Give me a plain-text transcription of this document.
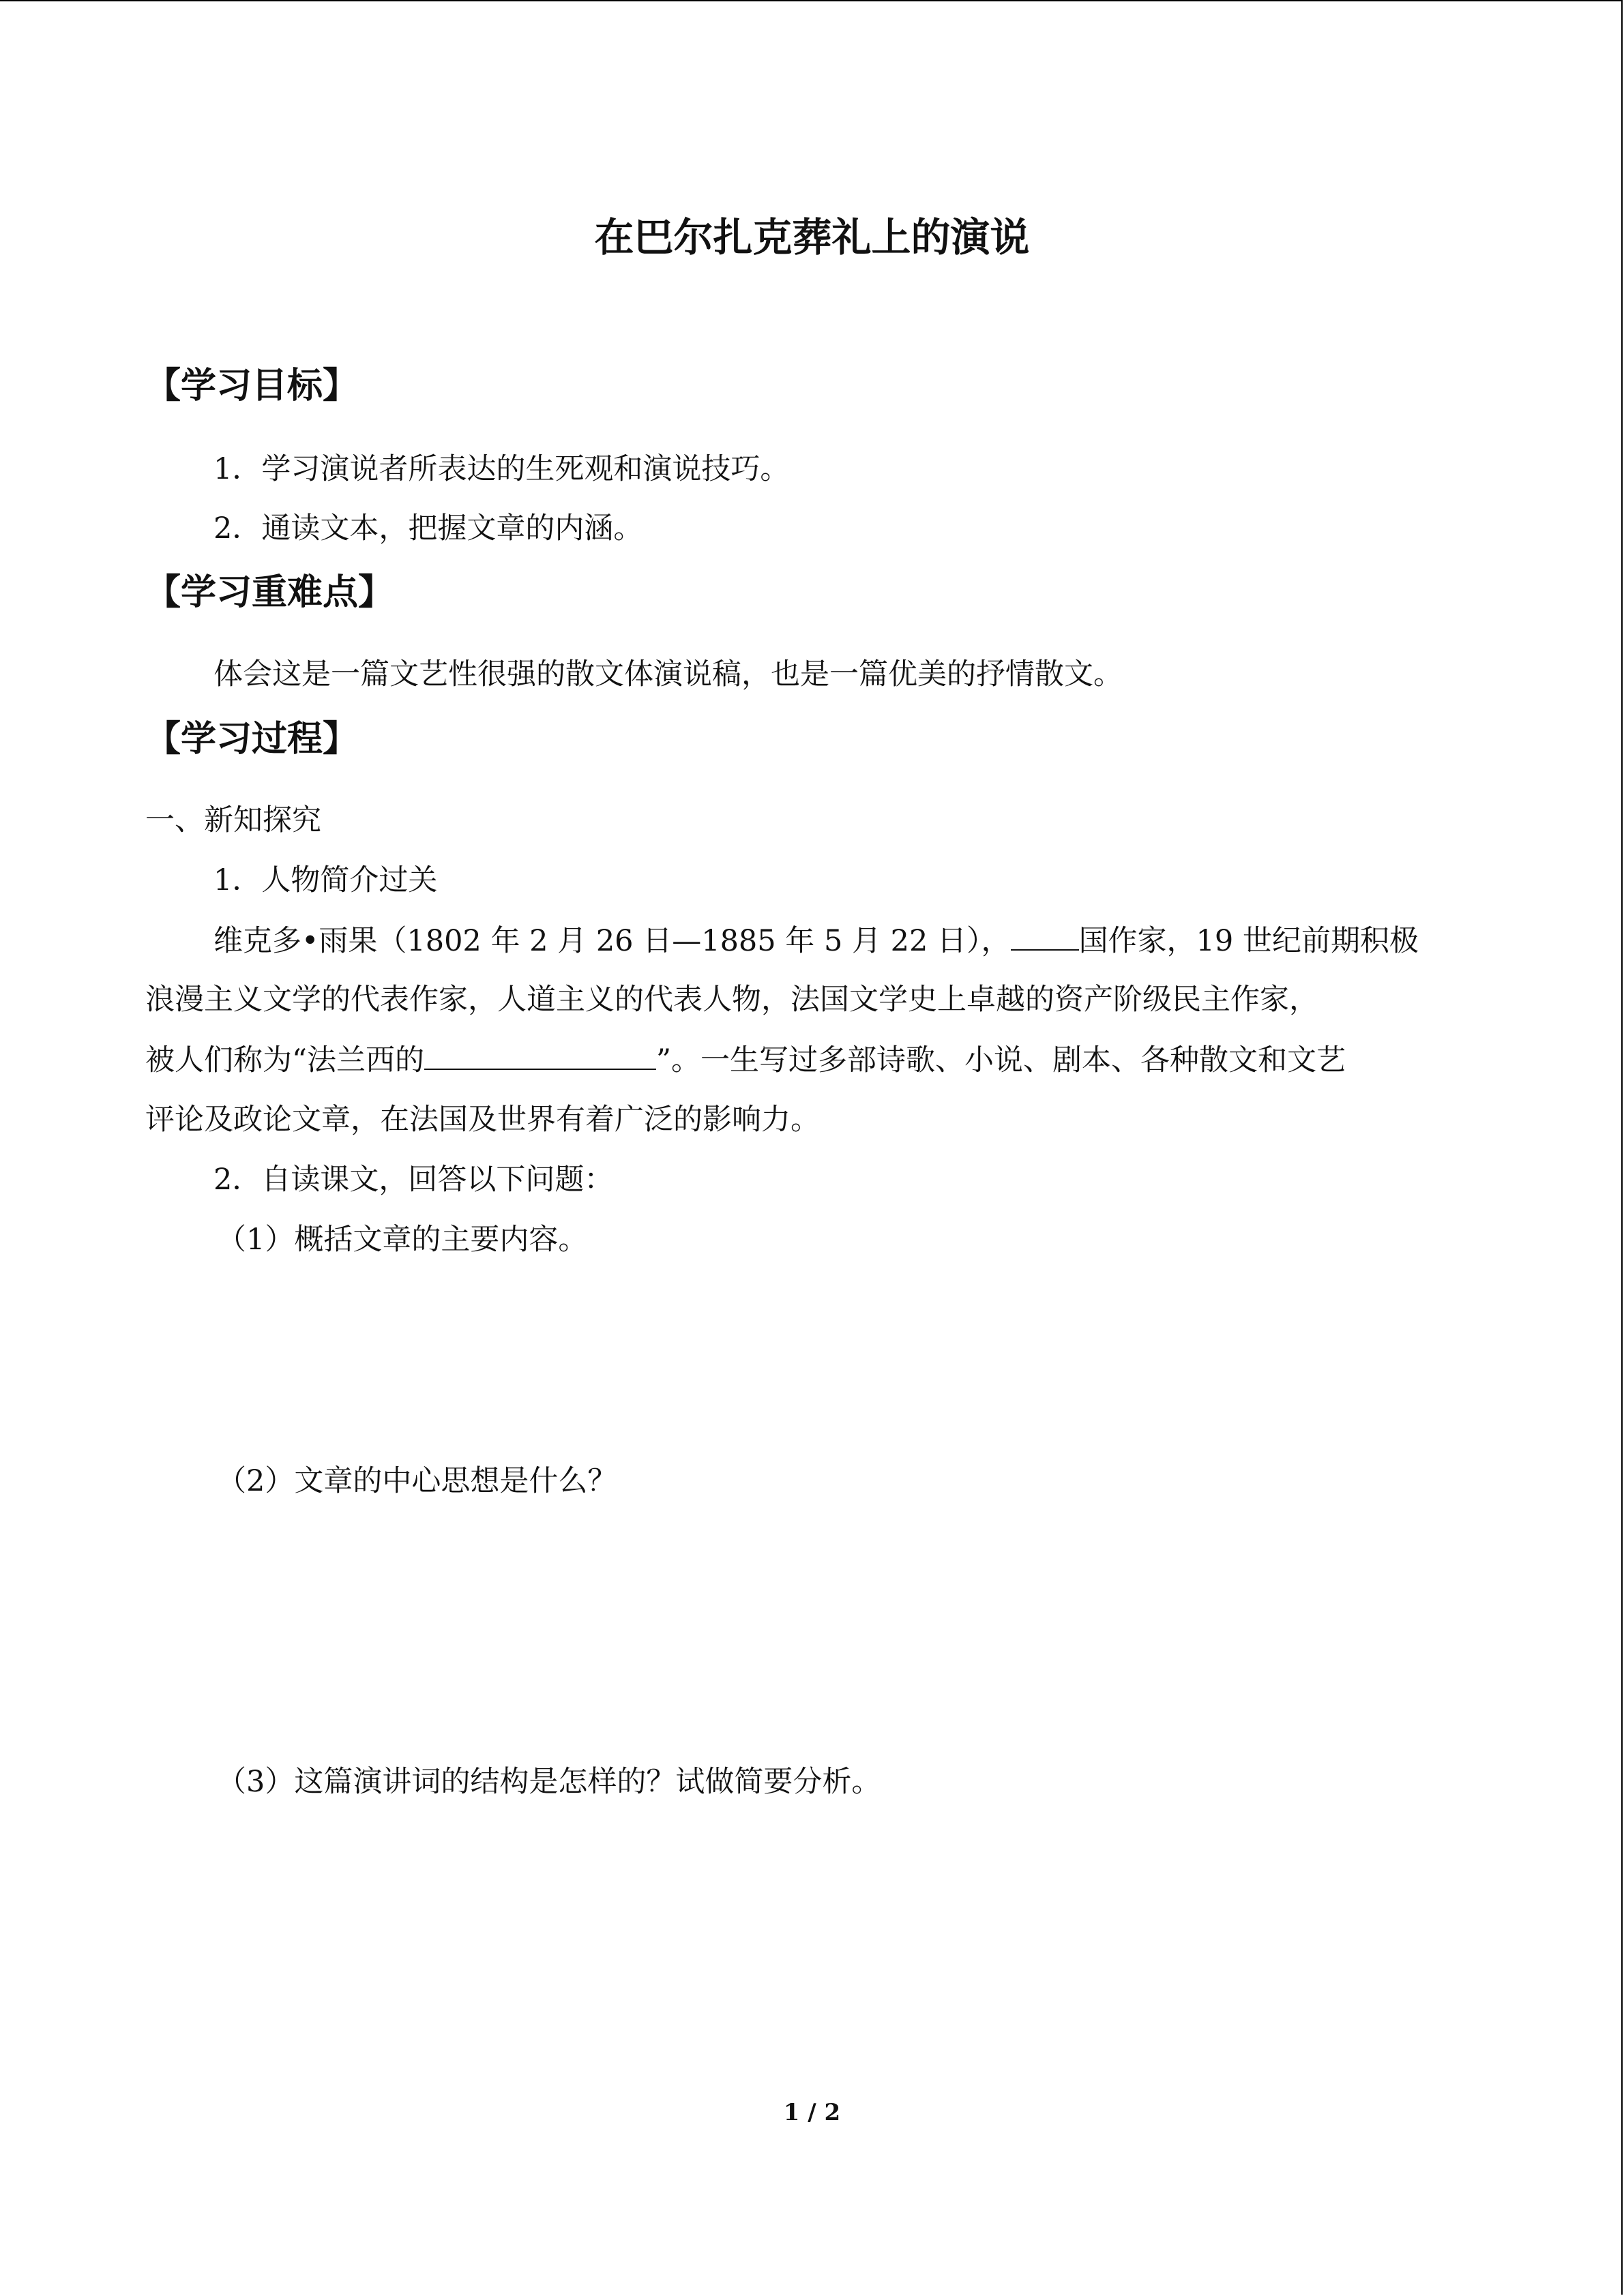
在巴尔扎克葬礼上的演说
【学习目标】

1．学习演说者所表达的生死观和演说技巧。

2．通读文本，把握文章的内涵。

【学习重难点】

体会这是一篇文艺性很强的散文体演说稿，也是一篇优美的抒情散文。

【学习过程】

一、新知探究

1．人物简介过关

维克多•雨果（1802 年 2 月 26 日—1885 年 5 月 22 日）， 国作家，19 世纪前期积极

浪漫主义文学的代表作家，人道主义的代表人物，法国文学史上卓越的资产阶级民主作家，

被人们称为“法兰西的	”。一生写过多部诗歌、小说、剧本、各种散文和文艺

评论及政论文章，在法国及世界有着广泛的影响力。

2．自读课文，回答以下问题：

（1）概括文章的主要内容。

（2）文章的中心思想是什么？

（3）这篇演讲词的结构是怎样的？试做简要分析。

1 / 2
